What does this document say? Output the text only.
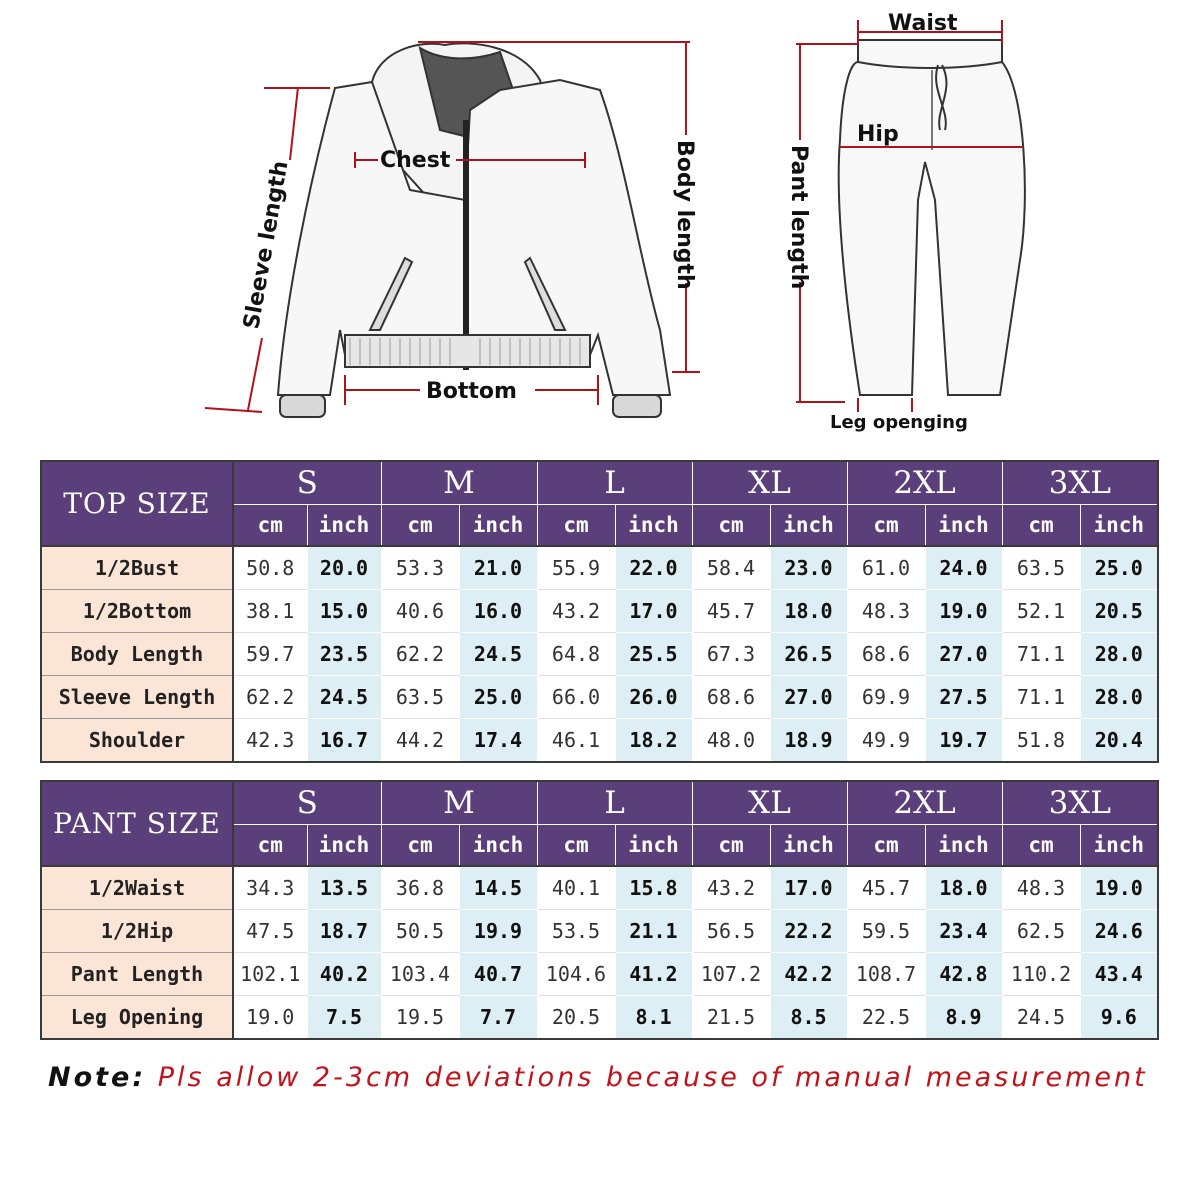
Chest
Bottom
Sleeve length	Body length
Waist
Hip
Pant length
Leg openging
TOP SIZE	S		M		L		XL		2XL		3XL	
	cm	inch	cm	inch	cm	inch	cm	inch	cm	inch	cm	inch
1/2Bust	50.8	20.0	53.3	21.0	55.9	22.0	58.4	23.0	61.0	24.0	63.5	25.0
1/2Bottom	38.1	15.0	40.6	16.0	43.2	17.0	45.7	18.0	48.3	19.0	52.1	20.5
Body Length	59.7	23.5	62.2	24.5	64.8	25.5	67.3	26.5	68.6	27.0	71.1	28.0
Sleeve Length	62.2	24.5	63.5	25.0	66.0	26.0	68.6	27.0	69.9	27.5	71.1	28.0
Shoulder	42.3	16.7	44.2	17.4	46.1	18.2	48.0	18.9	49.9	19.7	51.8	20.4
PANT SIZE	S		M		L		XL		2XL		3XL	
	cm	inch	cm	inch	cm	inch	cm	inch	cm	inch	cm	inch
1/2Waist	34.3	13.5	36.8	14.5	40.1	15.8	43.2	17.0	45.7	18.0	48.3	19.0
1/2Hip	47.5	18.7	50.5	19.9	53.5	21.1	56.5	22.2	59.5	23.4	62.5	24.6
Pant Length	102.1	40.2	103.4	40.7	104.6	41.2	107.2	42.2	108.7	42.8	110.2	43.4
Leg Opening	19.0	7.5	19.5	7.7	20.5	8.1	21.5	8.5	22.5	8.9	24.5	9.6
Note: Pls allow 2-3cm deviations because of manual measurement
